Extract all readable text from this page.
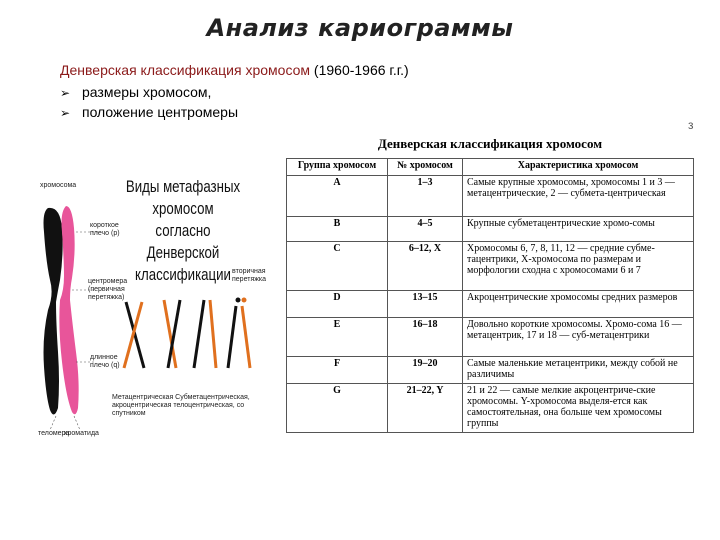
Анализ кариограммы
Денверская классификация хромосом (1960-1966 г.г.)
➢ размеры хромосом,
➢ положение центромеры
з
хромосома
короткое плечо (p)
центромера (первичная перетяжка)
длинное плечо (q)
вторичная перетяжка
теломера
хроматида
Метацентрическая Субметацентрическая, акроцентрическая телоцентрическая, со спутником
Виды метафазных хромосом согласно Денверской классификации
Денверская классификация хромосом
Группа хромосом	№ хромосом	Характеристика хромосом
A	1–3	Самые крупные хромосомы, хромосомы 1 и 3 — метацентрические, 2 — субмета-центрическая
B	4–5	Крупные субметацентрические хромо-сомы
C	6–12, X	Хромосомы 6, 7, 8, 11, 12 — средние субме-тацентрики, X-хромосома по размерам и морфологии сходна с хромосомами 6 и 7
D	13–15	Акроцентрические хромосомы средних размеров
E	16–18	Довольно короткие хромосомы. Хромо-сома 16 — метацентрик, 17 и 18 — суб-метацентрики
F	19–20	Самые маленькие метацентрики, между собой не различимы
G	21–22, Y	21 и 22 — самые мелкие акроцентриче-ские хромосомы. Y-хромосома выделя-ется как самостоятельная, она больше чем хромосомы группы
